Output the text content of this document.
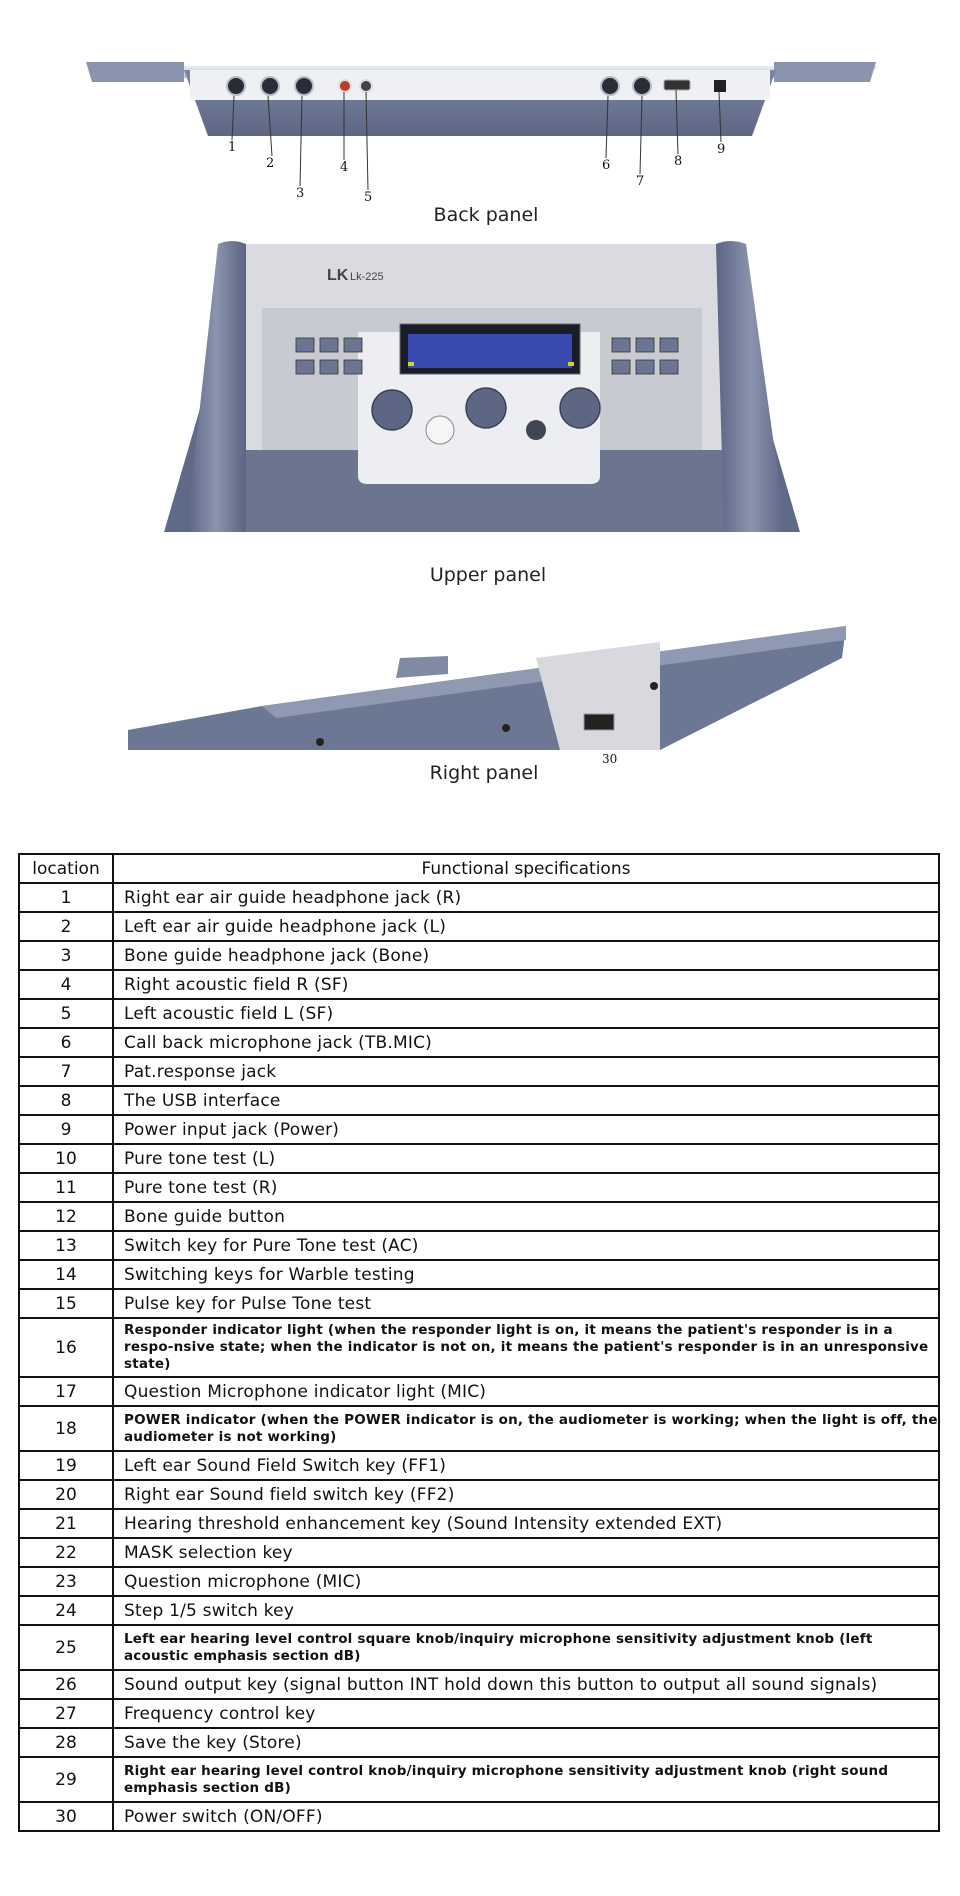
1
2
3
4
5
6
7
8
9
Back panel
LK Lk-225
Upper panel
30
Right panel
location	Functional specifications
1	Right ear air guide headphone jack (R)
2	Left ear air guide headphone jack (L)
3	Bone guide headphone jack (Bone)
4	Right acoustic field R (SF)
5	Left acoustic field L (SF)
6	Call back microphone jack (TB.MIC)
7	Pat.response jack
8	The USB interface
9	Power input jack (Power)
10	Pure tone test (L)
11	Pure tone test (R)
12	Bone guide button
13	Switch key for Pure Tone test (AC)
14	Switching keys for Warble testing
15	Pulse key for Pulse Tone test
16	Responder indicator light (when the responder light is on, it means the patient's responder is in a respo-nsive state; when the indicator is not on, it means the patient's responder is in an unresponsive state)
17	Question Microphone indicator light (MIC)
18	POWER indicator (when the POWER indicator is on, the audiometer is working; when the light is off, the audiometer is not working)
19	Left ear Sound Field Switch key (FF1)
20	Right ear Sound field switch key (FF2)
21	Hearing threshold enhancement key (Sound Intensity extended EXT)
22	MASK selection key
23	Question microphone (MIC)
24	Step 1/5 switch key
25	Left ear hearing level control square knob/inquiry microphone sensitivity adjustment knob (left acoustic emphasis section dB)
26	Sound output key (signal button INT hold down this button to output all sound signals)
27	Frequency control key
28	Save the key (Store)
29	Right ear hearing level control knob/inquiry microphone sensitivity adjustment knob (right sound emphasis section dB)
30	Power switch (ON/OFF)
